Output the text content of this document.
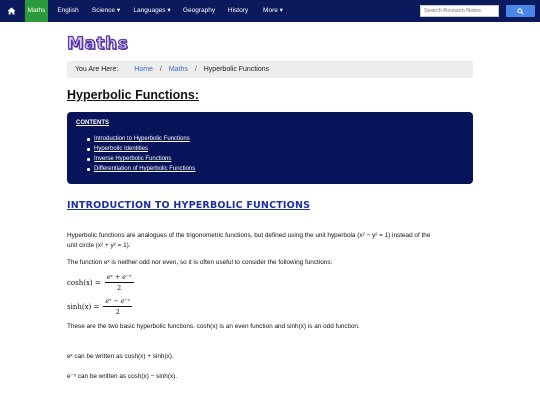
Maths	English	Science ▾	Languages ▾	Geography	History	More ▾	Search Revision Notes
Maths
You Are Here: Home / Maths / Hyperbolic Functions
Hyperbolic Functions:
CONTENTS
Introduction to Hyperbolic Functions
Hyperbolic Identities
Inverse Hyperbolic Functions
Differentiation of Hyperbolic Functions
INTRODUCTION TO HYPERBOLIC FUNCTIONS
Hyperbolic functions are analogues of the trigonometric functions, but defined using the unit hyperbola (x² − y² = 1) instead of the
unit circle (x² + y² = 1).
The function eˣ is neither odd nor even, so it is often useful to consider the following functions:
$\cosh(x) = \frac{\text{eˣ + e⁻ˣ}}{2}$
$\sinh(x) = \frac{\text{eˣ − e⁻ˣ}}{2}$
These are the two basic hyperbolic functions. cosh(x) is an even function and sinh(x) is an odd function.
eˣ can be written as cosh(x) + sinh(x).
e⁻ˣ can be written as cosh(x) − sinh(x).
